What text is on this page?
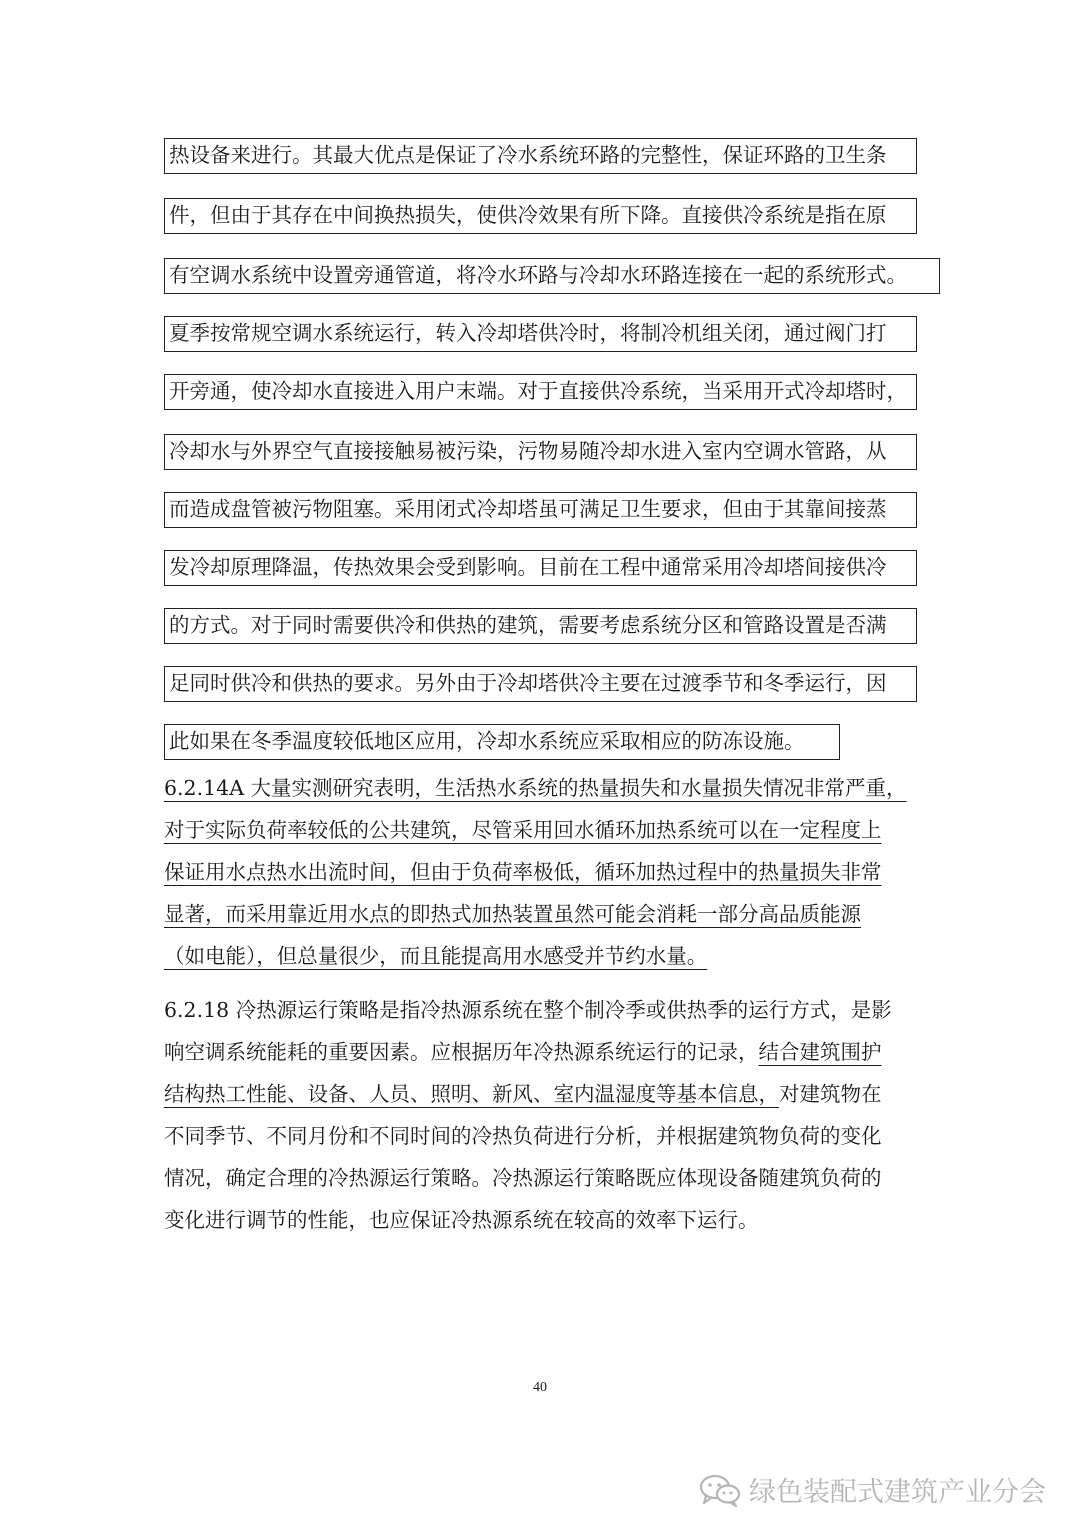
热设备来进行。其最大优点是保证了冷水系统环路的完整性，保证环路的卫生条
件，但由于其存在中间换热损失，使供冷效果有所下降。直接供冷系统是指在原
有空调水系统中设置旁通管道，将冷水环路与冷却水环路连接在一起的系统形式。
夏季按常规空调水系统运行，转入冷却塔供冷时，将制冷机组关闭，通过阀门打
开旁通，使冷却水直接进入用户末端。对于直接供冷系统，当采用开式冷却塔时，
冷却水与外界空气直接接触易被污染，污物易随冷却水进入室内空调水管路，从
而造成盘管被污物阻塞。采用闭式冷却塔虽可满足卫生要求，但由于其靠间接蒸
发冷却原理降温，传热效果会受到影响。目前在工程中通常采用冷却塔间接供冷
的方式。对于同时需要供冷和供热的建筑，需要考虑系统分区和管路设置是否满
足同时供冷和供热的要求。另外由于冷却塔供冷主要在过渡季节和冬季运行，因
此如果在冬季温度较低地区应用，冷却水系统应采取相应的防冻设施。
6.2.14A 大量实测研究表明，生活热水系统的热量损失和水量损失情况非常严重，
对于实际负荷率较低的公共建筑，尽管采用回水循环加热系统可以在一定程度上
保证用水点热水出流时间，但由于负荷率极低，循环加热过程中的热量损失非常
显著，而采用靠近用水点的即热式加热装置虽然可能会消耗一部分高品质能源
（如电能），但总量很少，而且能提高用水感受并节约水量。
6.2.18 冷热源运行策略是指冷热源系统在整个制冷季或供热季的运行方式，是影
响空调系统能耗的重要因素。应根据历年冷热源系统运行的记录，结合建筑围护
结构热工性能、设备、人员、照明、新风、室内温湿度等基本信息，对建筑物在
不同季节、不同月份和不同时间的冷热负荷进行分析，并根据建筑物负荷的变化
情况，确定合理的冷热源运行策略。冷热源运行策略既应体现设备随建筑负荷的
变化进行调节的性能，也应保证冷热源系统在较高的效率下运行。
40
绿色装配式建筑产业分会
